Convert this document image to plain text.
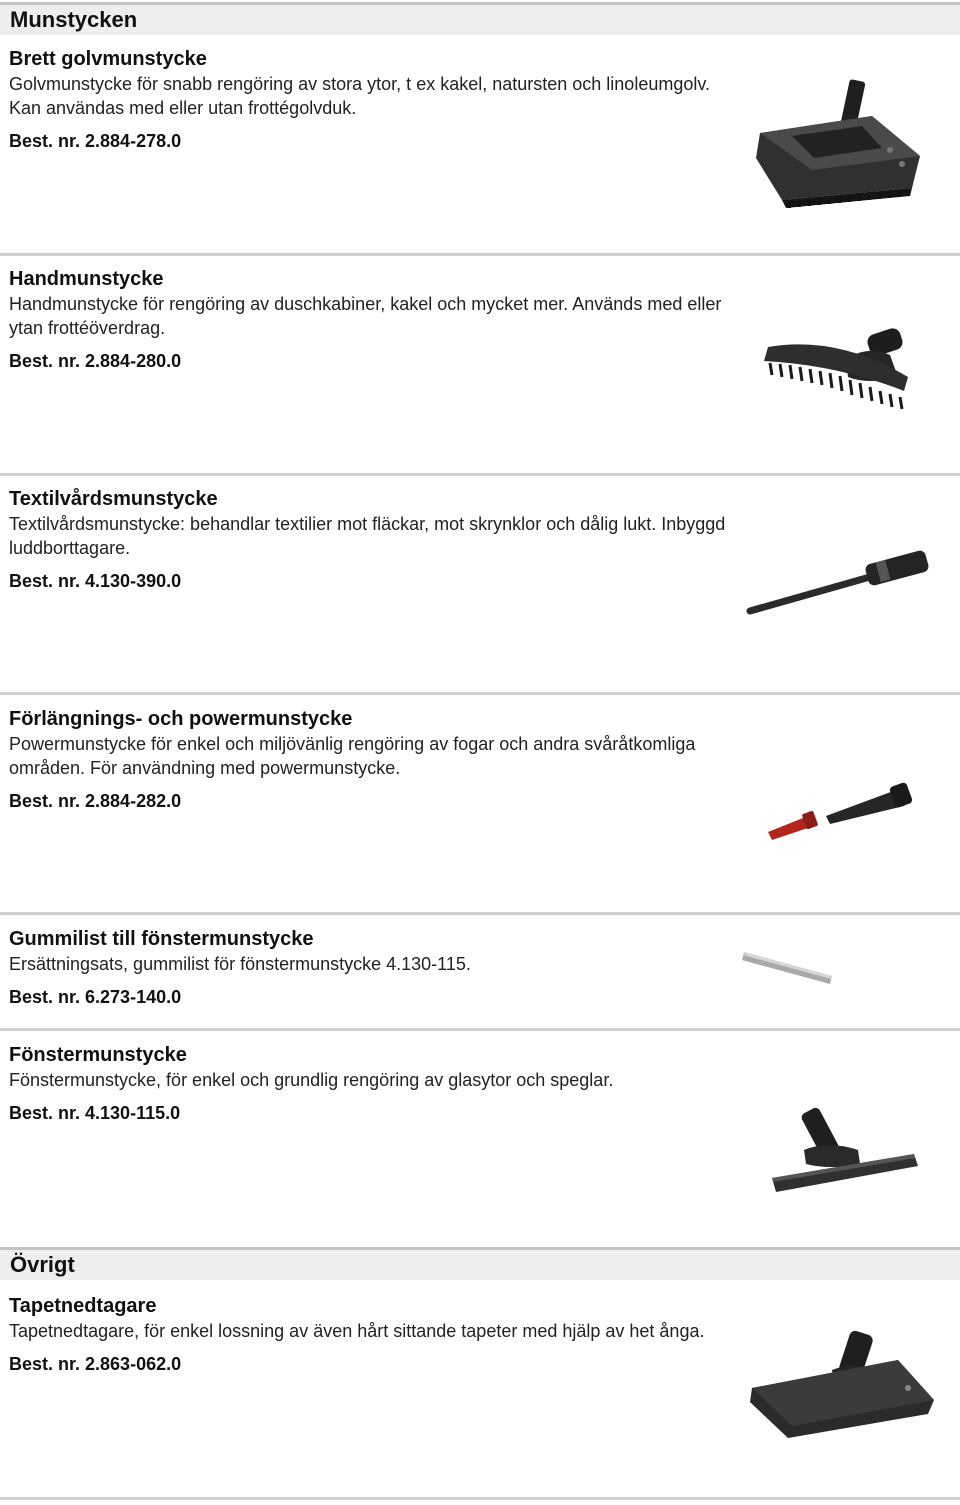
Munstycken

Brett golvmunstycke

Golvmunstycke för snabb rengöring av stora ytor, t ex kakel, natursten och linoleumgolv. Kan användas med eller utan frottégolvduk.

Best. nr. 2.884-278.0

Handmunstycke

Handmunstycke för rengöring av duschkabiner, kakel och mycket mer. Används med eller ytan frottéöverdrag.

Best. nr. 2.884-280.0

Textilvårdsmunstycke

Textilvårdsmunstycke: behandlar textilier mot fläckar, mot skrynklor och dålig lukt. Inbyggd luddborttagare.

Best. nr. 4.130-390.0

Förlängnings- och powermunstycke

Powermunstycke för enkel och miljövänlig rengöring av fogar och andra svåråtkomliga områden. För användning med powermunstycke.

Best. nr. 2.884-282.0

Gummilist till fönstermunstycke

Ersättningsats, gummilist för fönstermunstycke 4.130-115.

Best. nr. 6.273-140.0

Fönstermunstycke

Fönstermunstycke, för enkel och grundlig rengöring av glasytor och speglar.

Best. nr. 4.130-115.0
Övrigt

Tapetnedtagare

Tapetnedtagare, för enkel lossning av även hårt sittande tapeter med hjälp av het ånga.

Best. nr. 2.863-062.0
